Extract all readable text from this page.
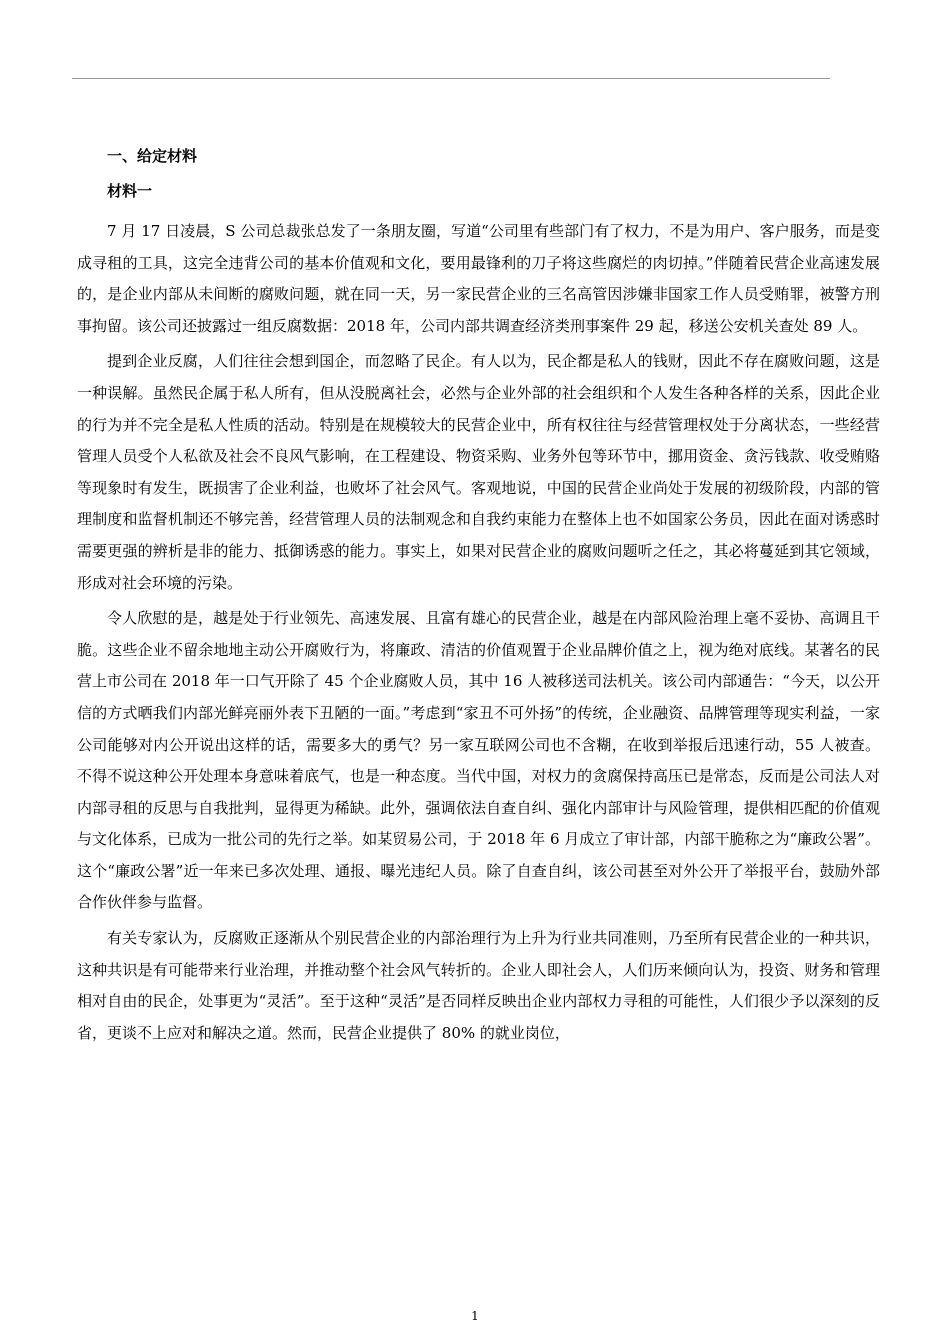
一、给定材料
材料一

7 月 17 日凌晨，S 公司总裁张总发了一条朋友圈，写道“公司里有些部门有了权力，不是为用户、客户服务，而是变成寻租的工具，这完全违背公司的基本价值观和文化，要用最锋利的刀子将这些腐烂的肉切掉。”伴随着民营企业高速发展的，是企业内部从未间断的腐败问题，就在同一天，另一家民营企业的三名高管因涉嫌非国家工作人员受贿罪，被警方刑事拘留。该公司还披露过一组反腐数据：2018 年，公司内部共调查经济类刑事案件 29 起，移送公安机关查处 89 人。

提到企业反腐，人们往往会想到国企，而忽略了民企。有人以为，民企都是私人的钱财，因此不存在腐败问题，这是一种误解。虽然民企属于私人所有，但从没脱离社会，必然与企业外部的社会组织和个人发生各种各样的关系，因此企业的行为并不完全是私人性质的活动。特别是在规模较大的民营企业中，所有权往往与经营管理权处于分离状态，一些经营管理人员受个人私欲及社会不良风气影响，在工程建设、物资采购、业务外包等环节中，挪用资金、贪污钱款、收受贿赂等现象时有发生，既损害了企业利益，也败坏了社会风气。客观地说，中国的民营企业尚处于发展的初级阶段，内部的管理制度和监督机制还不够完善，经营管理人员的法制观念和自我约束能力在整体上也不如国家公务员，因此在面对诱惑时需要更强的辨析是非的能力、抵御诱惑的能力。事实上，如果对民营企业的腐败问题听之任之，其必将蔓延到其它领域，形成对社会环境的污染。

令人欣慰的是，越是处于行业领先、高速发展、且富有雄心的民营企业，越是在内部风险治理上毫不妥协、高调且干脆。这些企业不留余地地主动公开腐败行为，将廉政、清洁的价值观置于企业品牌价值之上，视为绝对底线。某著名的民营上市公司在 2018 年一口气开除了 45 个企业腐败人员，其中 16 人被移送司法机关。该公司内部通告：“今天，以公开信的方式晒我们内部光鲜亮丽外表下丑陋的一面。”考虑到“家丑不可外扬”的传统，企业融资、品牌管理等现实利益，一家公司能够对内公开说出这样的话，需要多大的勇气？另一家互联网公司也不含糊，在收到举报后迅速行动，55 人被查。不得不说这种公开处理本身意味着底气，也是一种态度。当代中国，对权力的贪腐保持高压已是常态，反而是公司法人对内部寻租的反思与自我批判，显得更为稀缺。此外，强调依法自查自纠、强化内部审计与风险管理，提供相匹配的价值观与文化体系，已成为一批公司的先行之举。如某贸易公司，于 2018 年 6 月成立了审计部，内部干脆称之为“廉政公署”。这个“廉政公署”近一年来已多次处理、通报、曝光违纪人员。除了自查自纠，该公司甚至对外公开了举报平台，鼓励外部合作伙伴参与监督。

有关专家认为，反腐败正逐渐从个别民营企业的内部治理行为上升为行业共同准则，乃至所有民营企业的一种共识，这种共识是有可能带来行业治理，并推动整个社会风气转折的。企业人即社会人，人们历来倾向认为，投资、财务和管理相对自由的民企，处事更为“灵活”。至于这种“灵活”是否同样反映出企业内部权力寻租的可能性，人们很少予以深刻的反省，更谈不上应对和解决之道。然而，民营企业提供了 80% 的就业岗位，

1
